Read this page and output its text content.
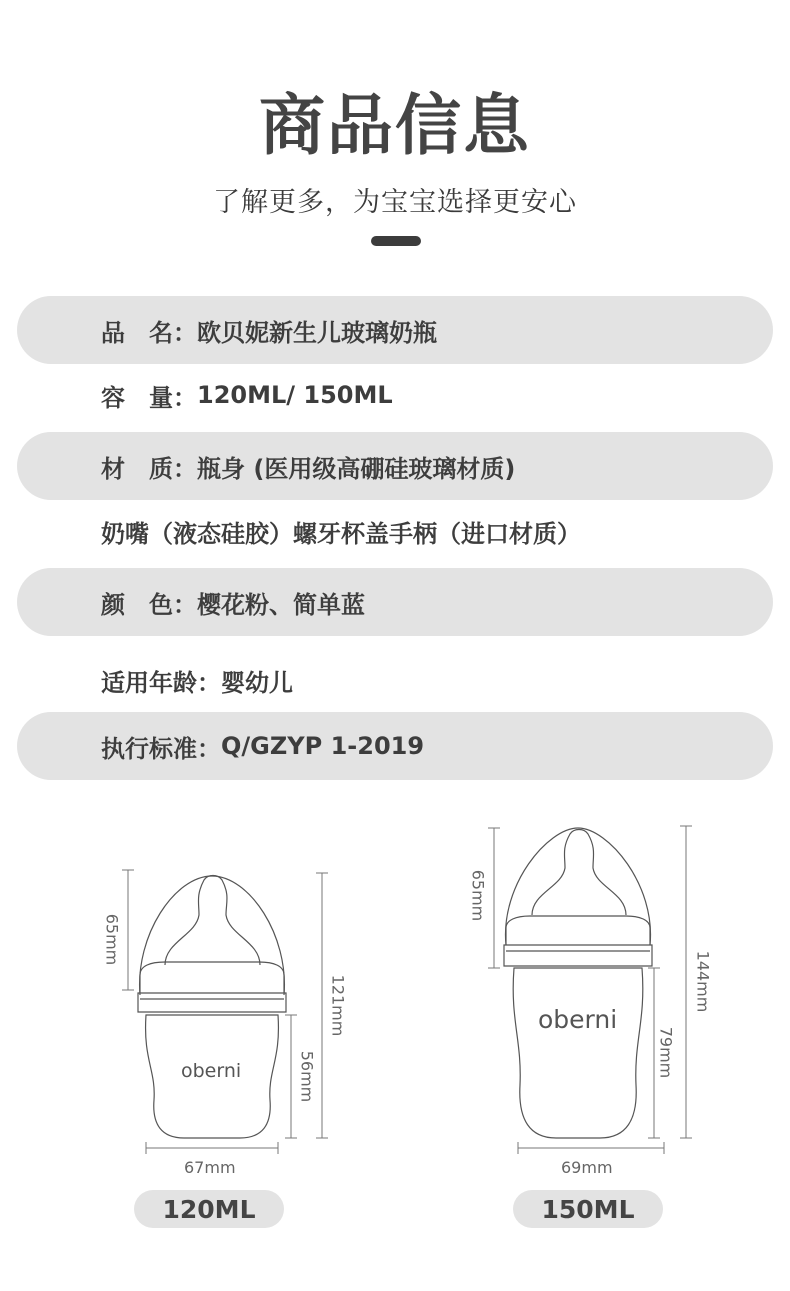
商品信息
了解更多，为宝宝选择更安心
品　名： 欧贝妮新生儿玻璃奶瓶
容　量： 120ML/ 150ML
材　质： 瓶身 (医用级高硼硅玻璃材质)
奶嘴（液态硅胶）螺牙杯盖手柄（进口材质）
颜　色： 樱花粉、简单蓝
适用年龄： 婴幼儿
执行标准： Q/GZYP 1-2019
oberni
65mm
121mm
56mm
67mm
120ML
oberni
65mm
144mm
79mm
69mm
150ML
